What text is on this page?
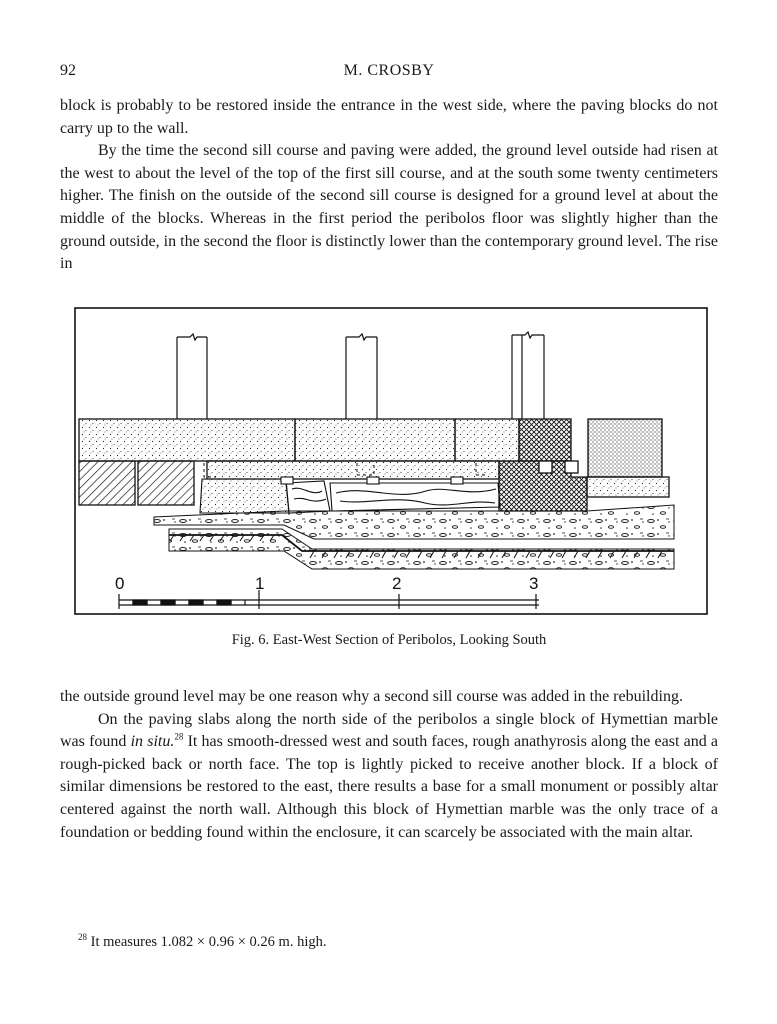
92	M. CROSBY

block is probably to be restored inside the entrance in the west side, where the paving blocks do not carry up to the wall.

By the time the second sill course and paving were added, the ground level outside had risen at the west to about the level of the top of the first sill course, and at the south some twenty centimeters higher. The finish on the outside of the second sill course is designed for a ground level at about the middle of the blocks. Whereas in the first period the peribolos floor was slightly higher than the ground outside, in the second the floor is distinctly lower than the contemporary ground level. The rise in

0	1	2	3
Fig. 6. East-West Section of Peribolos, Looking South

the outside ground level may be one reason why a second sill course was added in the rebuilding.

On the paving slabs along the north side of the peribolos a single block of Hymettian marble was found in situ.$^{28}$ It has smooth-dressed west and south faces, rough anathyrosis along the east and a rough-picked back or north face. The top is lightly picked to receive another block. If a block of similar dimensions be restored to the east, there results a base for a small monument or possibly altar centered against the north wall. Although this block of Hymettian marble was the only trace of a foundation or bedding found within the enclosure, it can scarcely be associated with the main altar.

$^{28}$ It measures 1.082 × 0.96 × 0.26 m. high.
